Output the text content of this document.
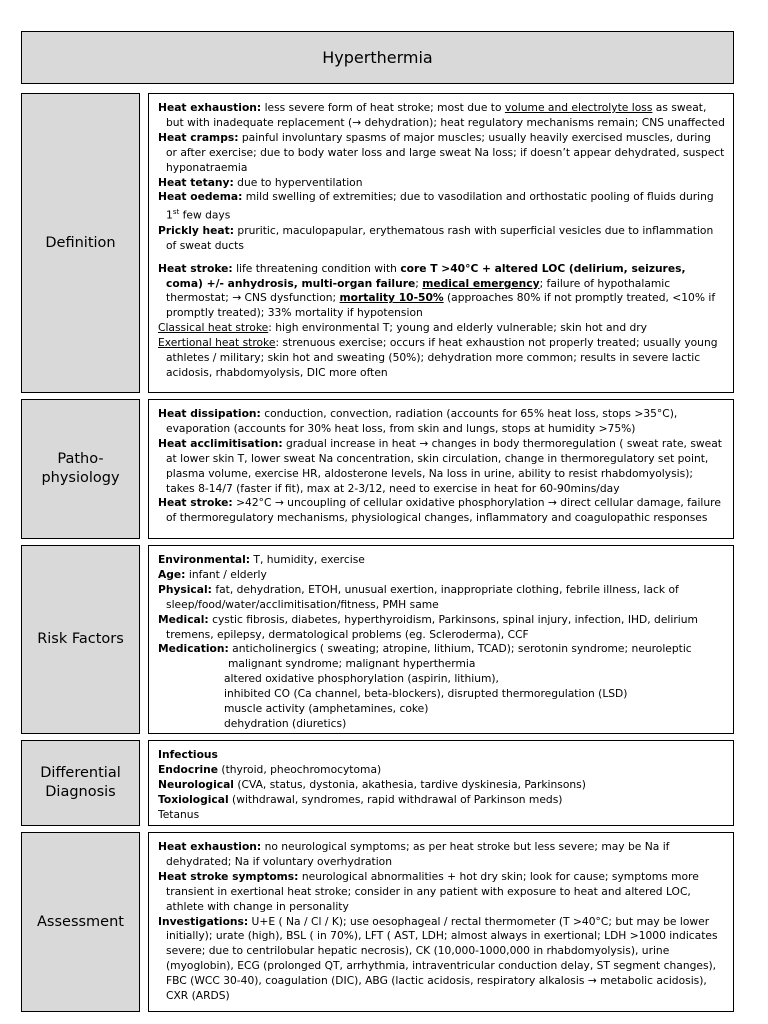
Hyperthermia
Definition

Heat exhaustion: less severe form of heat stroke; most due to volume and electrolyte loss as sweat, but with inadequate replacement (→ dehydration); heat regulatory mechanisms remain; CNS unaffected

Heat cramps: painful involuntary spasms of major muscles; usually heavily exercised muscles, during or after exercise; due to body water loss and large sweat Na loss; if doesn’t appear dehydrated, suspect hyponatraemia

Heat tetany: due to hyperventilation

Heat oedema: mild swelling of extremities; due to vasodilation and orthostatic pooling of fluids during 1st few days

Prickly heat: pruritic, maculopapular, erythematous rash with superficial vesicles due to inflammation of sweat ducts

Heat stroke: life threatening condition with core T >40°C + altered LOC (delirium, seizures, coma) +/- anhydrosis, multi-organ failure; medical emergency; failure of hypothalamic thermostat; → CNS dysfunction; mortality 10-50% (approaches 80% if not promptly treated, <10% if promptly treated); 33% mortality if hypotension

Classical heat stroke: high environmental T; young and elderly vulnerable; skin hot and dry

Exertional heat stroke: strenuous exercise; occurs if heat exhaustion not properly treated; usually young athletes / military; skin hot and sweating (50%); dehydration more common; results in severe lactic acidosis, rhabdomyolysis, DIC more often

Patho-
physiology

Heat dissipation: conduction, convection, radiation (accounts for 65% heat loss, stops >35°C), evaporation (accounts for 30% heat loss, from skin and lungs, stops at humidity >75%)

Heat acclimitisation: gradual increase in heat → changes in body thermoregulation ( sweat rate, sweat at lower skin T, lower sweat Na concentration, skin circulation, change in thermoregulatory set point, plasma volume, exercise HR, aldosterone levels, Na loss in urine, ability to resist rhabdomyolysis); takes 8-14/7 (faster if fit), max at 2-3/12, need to exercise in heat for 60-90mins/day

Heat stroke: >42°C → uncoupling of cellular oxidative phosphorylation → direct cellular damage, failure of thermoregulatory mechanisms, physiological changes, inflammatory and coagulopathic responses

Risk Factors

Environmental: T, humidity, exercise

Age: infant / elderly

Physical: fat, dehydration, ETOH, unusual exertion, inappropriate clothing, febrile illness, lack of sleep/food/water/acclimitisation/fitness, PMH same

Medical: cystic fibrosis, diabetes, hyperthyroidism, Parkinsons, spinal injury, infection, IHD, delirium tremens, epilepsy, dermatological problems (eg. Scleroderma), CCF

Medication: anticholinergics ( sweating; atropine, lithium, TCAD); serotonin syndrome; neuroleptic malignant syndrome; malignant hyperthermia

altered oxidative phosphorylation (aspirin, lithium),

inhibited CO (Ca channel, beta-blockers), disrupted thermoregulation (LSD)

muscle activity (amphetamines, coke)

dehydration (diuretics)

Differential
Diagnosis

Infectious

Endocrine (thyroid, pheochromocytoma)

Neurological (CVA, status, dystonia, akathesia, tardive dyskinesia, Parkinsons)

Toxiological (withdrawal, syndromes, rapid withdrawal of Parkinson meds)

Tetanus

Assessment

Heat exhaustion: no neurological symptoms; as per heat stroke but less severe; may be Na if dehydrated; Na if voluntary overhydration

Heat stroke symptoms: neurological abnormalities + hot dry skin; look for cause; symptoms more transient in exertional heat stroke; consider in any patient with exposure to heat and altered LOC, athlete with change in personality

Investigations: U+E ( Na / Cl / K); use oesophageal / rectal thermometer (T >40°C; but may be lower initially); urate (high), BSL ( in 70%), LFT ( AST, LDH; almost always in exertional; LDH >1000 indicates severe; due to centrilobular hepatic necrosis), CK (10,000-1000,000 in rhabdomyolysis), urine (myoglobin), ECG (prolonged QT, arrhythmia, intraventricular conduction delay, ST segment changes), FBC (WCC 30-40), coagulation (DIC), ABG (lactic acidosis, respiratory alkalosis → metabolic acidosis), CXR (ARDS)
